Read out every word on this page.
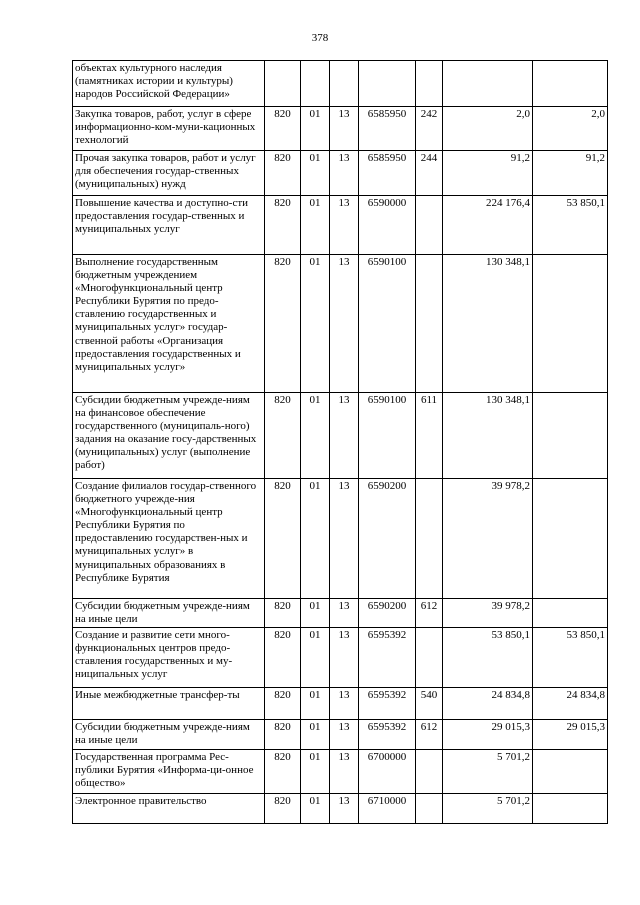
378
объектах культурного наследия (памятниках истории и культуры) народов Российской Федерации»							
Закупка товаров, работ, услуг в сфере информационно-ком-муни-кационных технологий	820	01	13	6585950	242	2,0	2,0
Прочая закупка товаров, работ и услуг для обеспечения государ-ственных (муниципальных) нужд	820	01	13	6585950	244	91,2	91,2
Повышение качества и доступно-сти предоставления государ-ственных и муниципальных услуг	820	01	13	6590000		224 176,4	53 850,1
Выполнение государственным бюджетным учреждением «Многофункциональный центр Республики Бурятия по предо-ставлению государственных и муниципальных услуг» государ-ственной работы «Организация предоставления государственных и муниципальных услуг»	820	01	13	6590100		130 348,1	
Субсидии бюджетным учрежде-ниям на финансовое обеспечение государственного (муниципаль-ного) задания на оказание госу-дарственных (муниципальных) услуг (выполнение работ)	820	01	13	6590100	611	130 348,1	
Создание филиалов государ-ственного бюджетного учрежде-ния «Многофункциональный центр Республики Бурятия по предоставлению государствен-ных и муниципальных услуг» в муниципальных образованиях в Республике Бурятия	820	01	13	6590200		39 978,2	
Субсидии бюджетным учрежде-ниям на иные цели	820	01	13	6590200	612	39 978,2	
Создание и развитие сети много-функциональных центров предо-ставления государственных и му-ниципальных услуг	820	01	13	6595392		53 850,1	53 850,1
Иные межбюджетные трансфер-ты	820	01	13	6595392	540	24 834,8	24 834,8
Субсидии бюджетным учрежде-ниям на иные цели	820	01	13	6595392	612	29 015,3	29 015,3
Государственная программа Рес-публики Бурятия «Информа-ци-онное общество»	820	01	13	6700000		5 701,2	
Электронное правительство	820	01	13	6710000		5 701,2	
